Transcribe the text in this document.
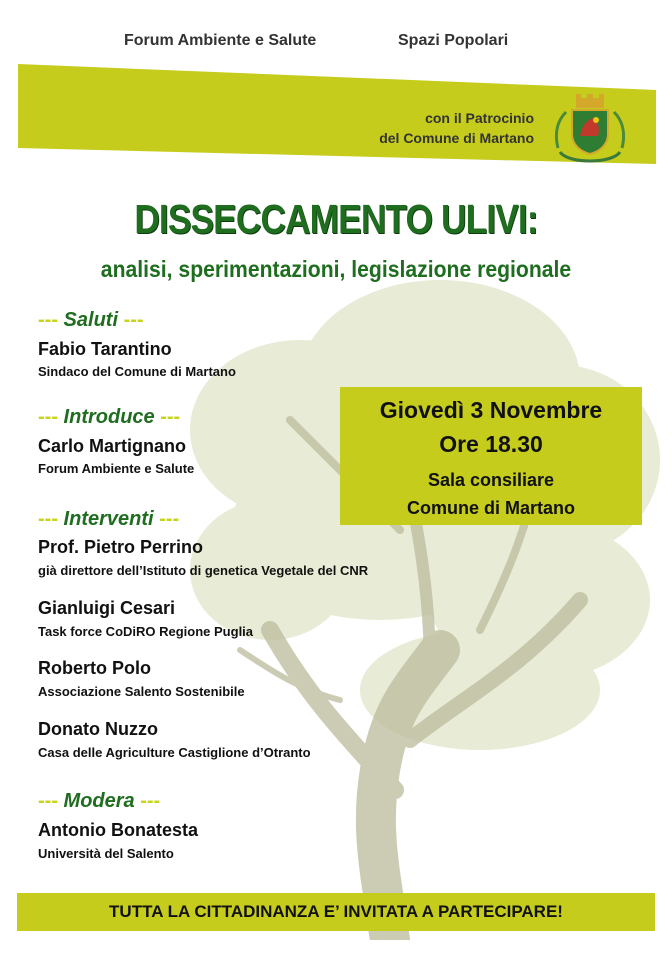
Forum Ambiente e Salute	Spazi Popolari
con il Patrocinio
del Comune di Martano
DISSECCAMENTO ULIVI:
analisi, sperimentazioni, legislazione regionale
--- Saluti ---
Fabio Tarantino
Sindaco del Comune di Martano
--- Introduce ---
Carlo Martignano
Forum Ambiente e Salute
--- Interventi ---
Prof. Pietro Perrino
già direttore dell’Istituto di genetica Vegetale del CNR
Gianluigi Cesari
Task force CoDiRO Regione Puglia
Roberto Polo
Associazione Salento Sostenibile
Donato Nuzzo
Casa delle Agriculture Castiglione d’Otranto
--- Modera ---
Antonio Bonatesta
Università del Salento
Giovedì 3 Novembre
Ore 18.30
Sala consiliare
Comune di Martano
TUTTA LA CITTADINANZA E’ INVITATA A PARTECIPARE!
